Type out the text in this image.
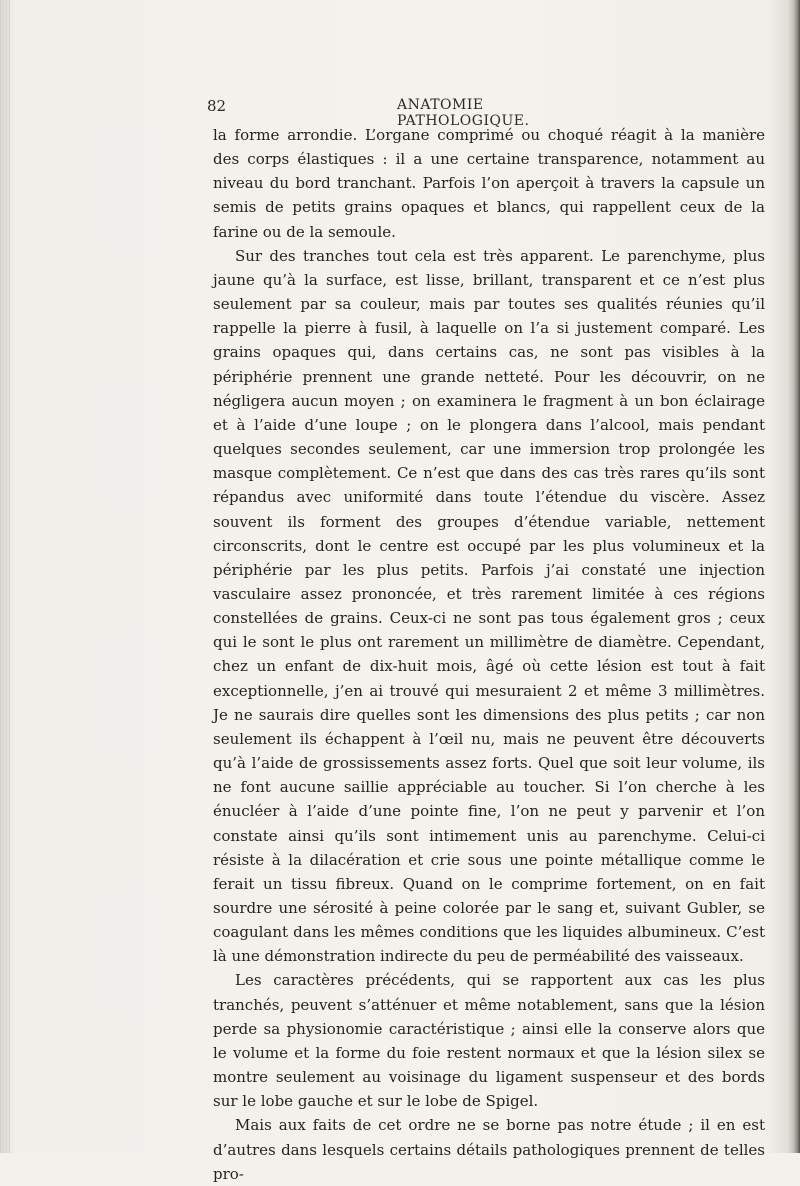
82	ANATOMIE PATHOLOGIQUE.

la forme arrondie. L’organe comprimé ou choqué réagit à la manière des corps élastiques : il a une certaine transparence, notamment au niveau du bord tranchant. Parfois l’on aperçoit à travers la capsule un semis de petits grains opaques et blancs, qui rappellent ceux de la farine ou de la semoule.

Sur des tranches tout cela est très apparent. Le parenchyme, plus jaune qu’à la surface, est lisse, brillant, transparent et ce n’est plus seulement par sa couleur, mais par toutes ses qualités réunies qu’il rappelle la pierre à fusil, à laquelle on l’a si justement comparé. Les grains opaques qui, dans certains cas, ne sont pas visibles à la périphérie prennent une grande netteté. Pour les découvrir, on ne négligera aucun moyen ; on examinera le fragment à un bon éclairage et à l’aide d’une loupe ; on le plongera dans l’alcool, mais pendant quelques secondes seulement, car une immersion trop prolongée les masque complètement. Ce n’est que dans des cas très rares qu’ils sont répandus avec uniformité dans toute l’étendue du viscère. Assez souvent ils forment des groupes d’étendue variable, nettement circonscrits, dont le centre est occupé par les plus volumineux et la périphérie par les plus petits. Parfois j’ai constaté une injection vasculaire assez prononcée, et très rarement limitée à ces régions constellées de grains. Ceux-ci ne sont pas tous également gros ; ceux qui le sont le plus ont rarement un millimètre de diamètre. Cependant, chez un enfant de dix-huit mois, âgé où cette lésion est tout à fait exceptionnelle, j’en ai trouvé qui mesuraient 2 et même 3 millimètres. Je ne saurais dire quelles sont les dimensions des plus petits ; car non seulement ils échappent à l’œil nu, mais ne peuvent être découverts qu’à l’aide de grossissements assez forts. Quel que soit leur volume, ils ne font aucune saillie appréciable au toucher. Si l’on cherche à les énucléer à l’aide d’une pointe fine, l’on ne peut y parvenir et l’on constate ainsi qu’ils sont intimement unis au parenchyme. Celui-ci résiste à la dilacération et crie sous une pointe métallique comme le ferait un tissu fibreux. Quand on le comprime fortement, on en fait sourdre une sérosité à peine colorée par le sang et, suivant Gubler, se coagulant dans les mêmes conditions que les liquides albumineux. C’est là une démonstration indirecte du peu de perméabilité des vaisseaux.

Les caractères précédents, qui se rapportent aux cas les plus tranchés, peuvent s’atténuer et même notablement, sans que la lésion perde sa physionomie caractéristique ; ainsi elle la conserve alors que le volume et la forme du foie restent normaux et que la lésion silex se montre seulement au voisinage du ligament suspenseur et des bords sur le lobe gauche et sur le lobe de Spigel.

Mais aux faits de cet ordre ne se borne pas notre étude ; il en est d’autres dans lesquels certains détails pathologiques prennent de telles pro-
